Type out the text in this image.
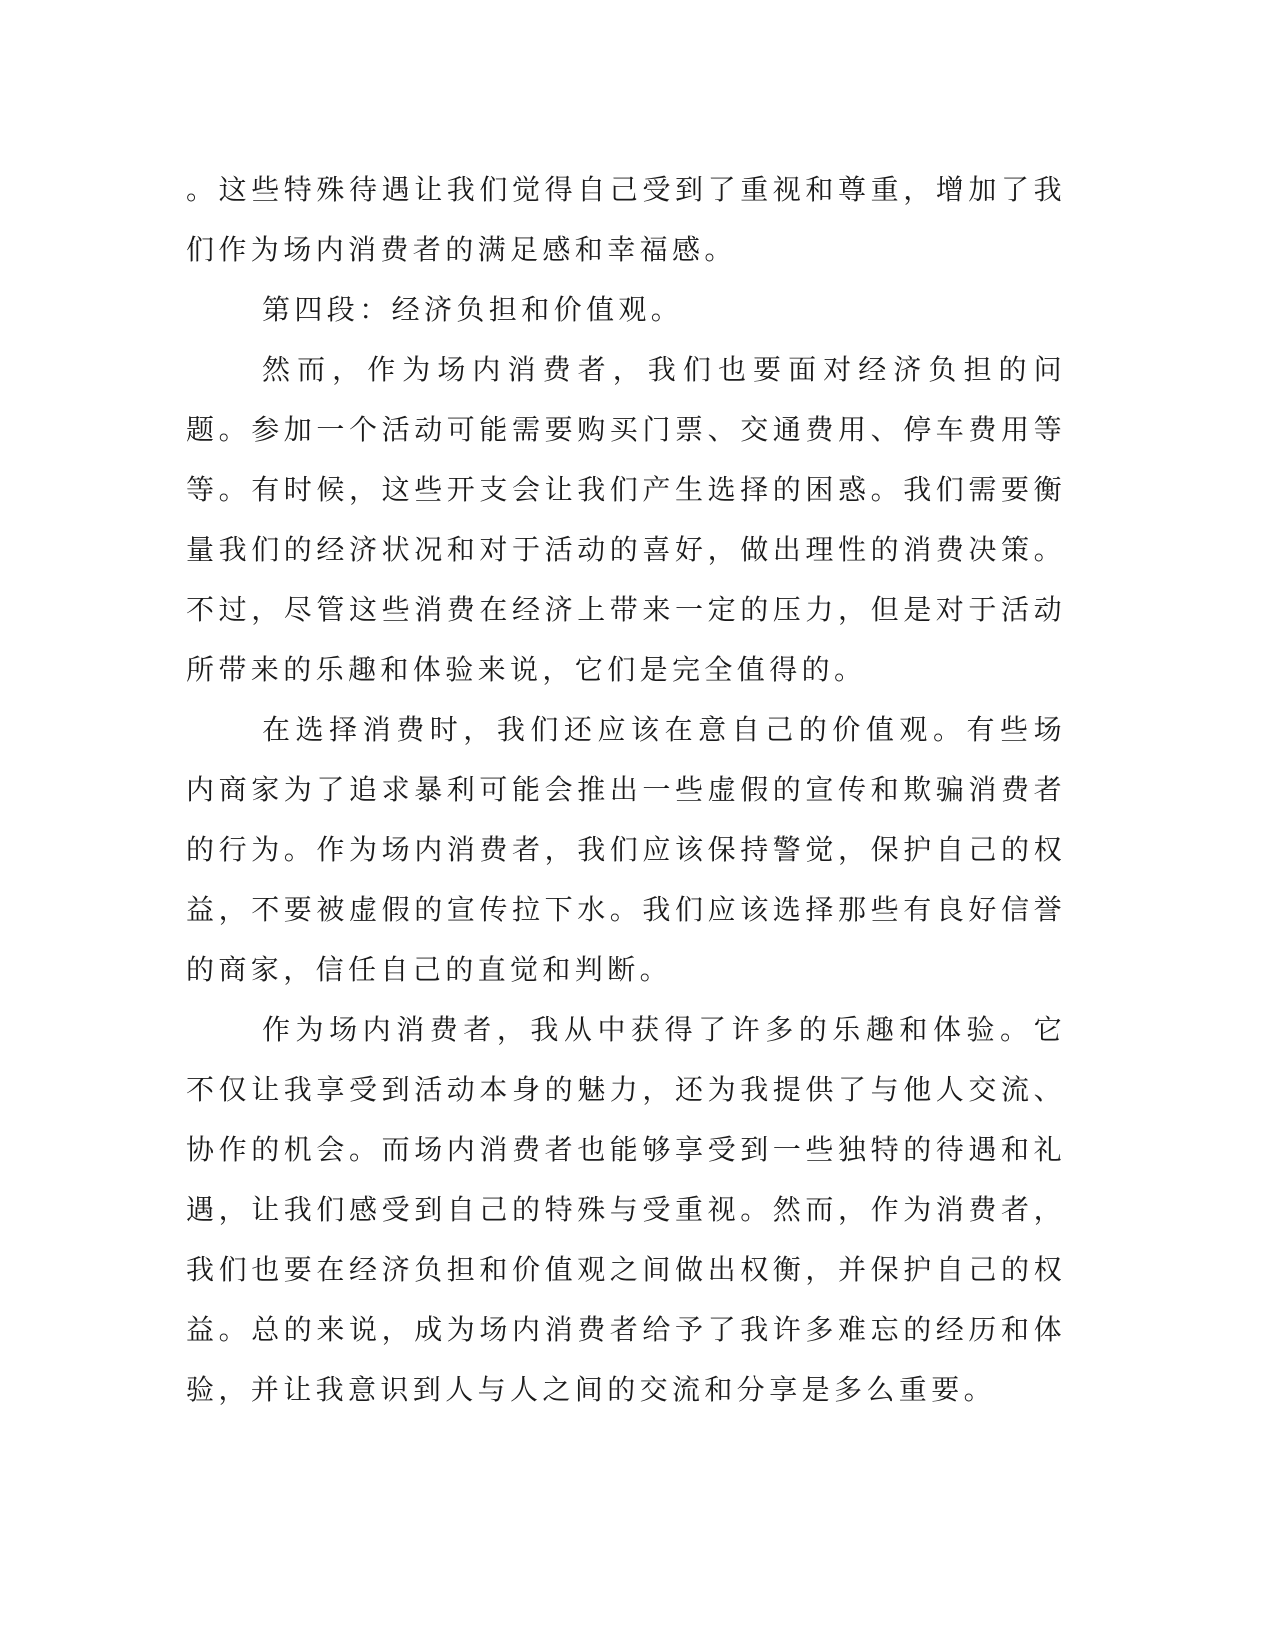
。这些特殊待遇让我们觉得自己受到了重视和尊重，增加了我们作为场内消费者的满足感和幸福感。

第四段：经济负担和价值观。

然而，作为场内消费者，我们也要面对经济负担的问题。参加一个活动可能需要购买门票、交通费用、停车费用等等。有时候，这些开支会让我们产生选择的困惑。我们需要衡量我们的经济状况和对于活动的喜好，做出理性的消费决策。不过，尽管这些消费在经济上带来一定的压力，但是对于活动所带来的乐趣和体验来说，它们是完全值得的。

在选择消费时，我们还应该在意自己的价值观。有些场内商家为了追求暴利可能会推出一些虚假的宣传和欺骗消费者的行为。作为场内消费者，我们应该保持警觉，保护自己的权益，不要被虚假的宣传拉下水。我们应该选择那些有良好信誉的商家，信任自己的直觉和判断。

作为场内消费者，我从中获得了许多的乐趣和体验。它不仅让我享受到活动本身的魅力，还为我提供了与他人交流、协作的机会。而场内消费者也能够享受到一些独特的待遇和礼遇，让我们感受到自己的特殊与受重视。然而，作为消费者，我们也要在经济负担和价值观之间做出权衡，并保护自己的权益。总的来说，成为场内消费者给予了我许多难忘的经历和体验，并让我意识到人与人之间的交流和分享是多么重要。
